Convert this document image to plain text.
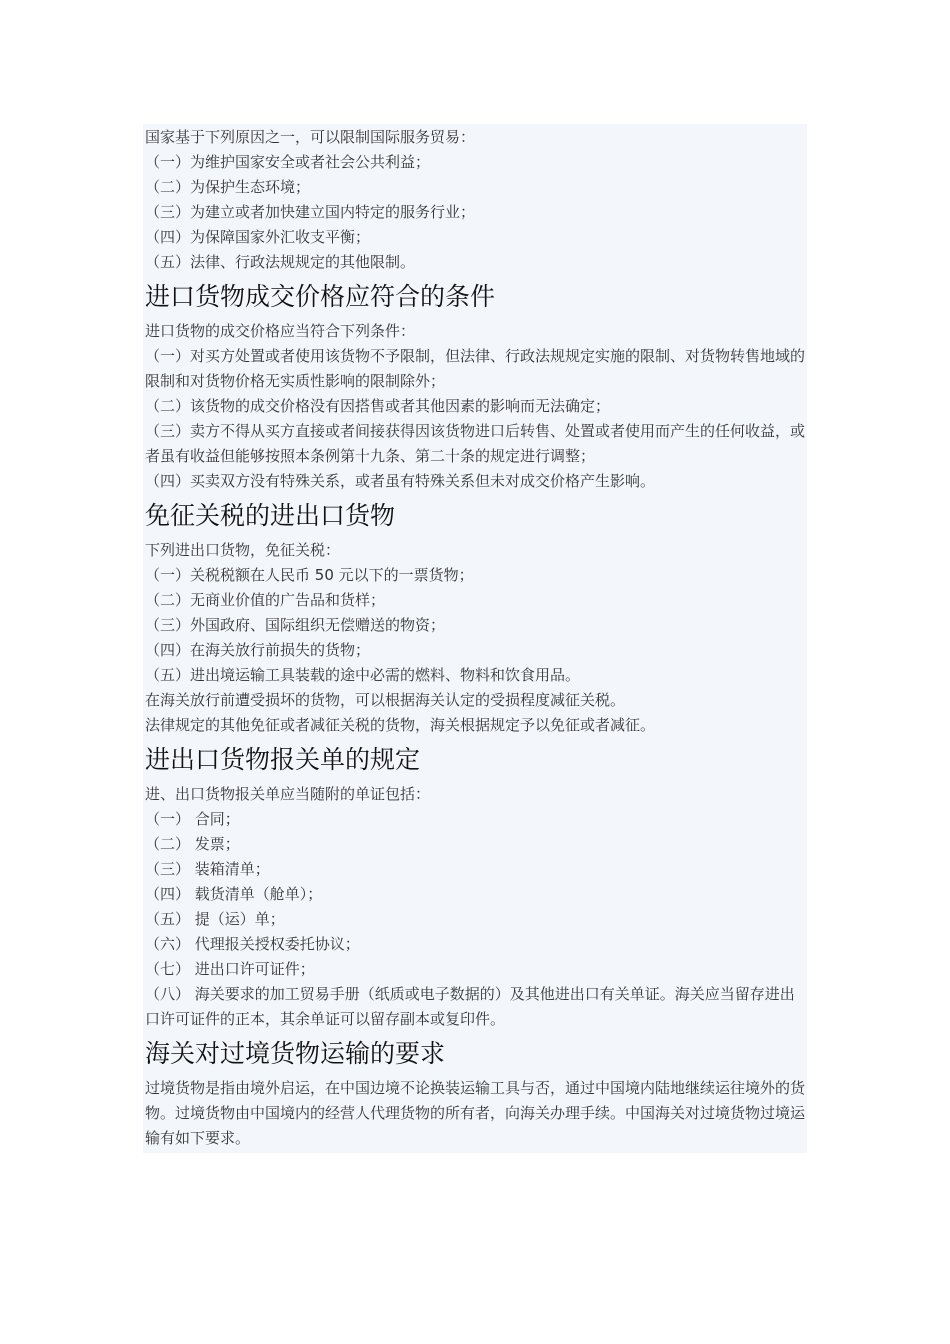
国家基于下列原因之一，可以限制国际服务贸易：

（一）为维护国家安全或者社会公共利益；

（二）为保护生态环境；

（三）为建立或者加快建立国内特定的服务行业；

（四）为保障国家外汇收支平衡；

（五）法律、行政法规规定的其他限制。

进口货物成交价格应符合的条件

进口货物的成交价格应当符合下列条件：

（一）对买方处置或者使用该货物不予限制，但法律、行政法规规定实施的限制、对货物转售地域的限制和对货物价格无实质性影响的限制除外；

（二）该货物的成交价格没有因搭售或者其他因素的影响而无法确定；

（三）卖方不得从买方直接或者间接获得因该货物进口后转售、处置或者使用而产生的任何收益，或者虽有收益但能够按照本条例第十九条、第二十条的规定进行调整；

（四）买卖双方没有特殊关系，或者虽有特殊关系但未对成交价格产生影响。

免征关税的进出口货物

下列进出口货物，免征关税：

（一）关税税额在人民币 50 元以下的一票货物；

（二）无商业价值的广告品和货样；

（三）外国政府、国际组织无偿赠送的物资；

（四）在海关放行前损失的货物；

（五）进出境运输工具装载的途中必需的燃料、物料和饮食用品。

在海关放行前遭受损坏的货物，可以根据海关认定的受损程度减征关税。

法律规定的其他免征或者减征关税的货物，海关根据规定予以免征或者减征。

进出口货物报关单的规定

进、出口货物报关单应当随附的单证包括：

（一） 合同；

（二） 发票；

（三） 装箱清单；

（四） 载货清单（舱单）；

（五） 提（运）单；

（六） 代理报关授权委托协议；

（七） 进出口许可证件；

（八） 海关要求的加工贸易手册（纸质或电子数据的）及其他进出口有关单证。海关应当留存进出口许可证件的正本，其余单证可以留存副本或复印件。

海关对过境货物运输的要求

过境货物是指由境外启运，在中国边境不论换装运输工具与否，通过中国境内陆地继续运往境外的货物。过境货物由中国境内的经营人代理货物的所有者，向海关办理手续。中国海关对过境货物过境运输有如下要求。
